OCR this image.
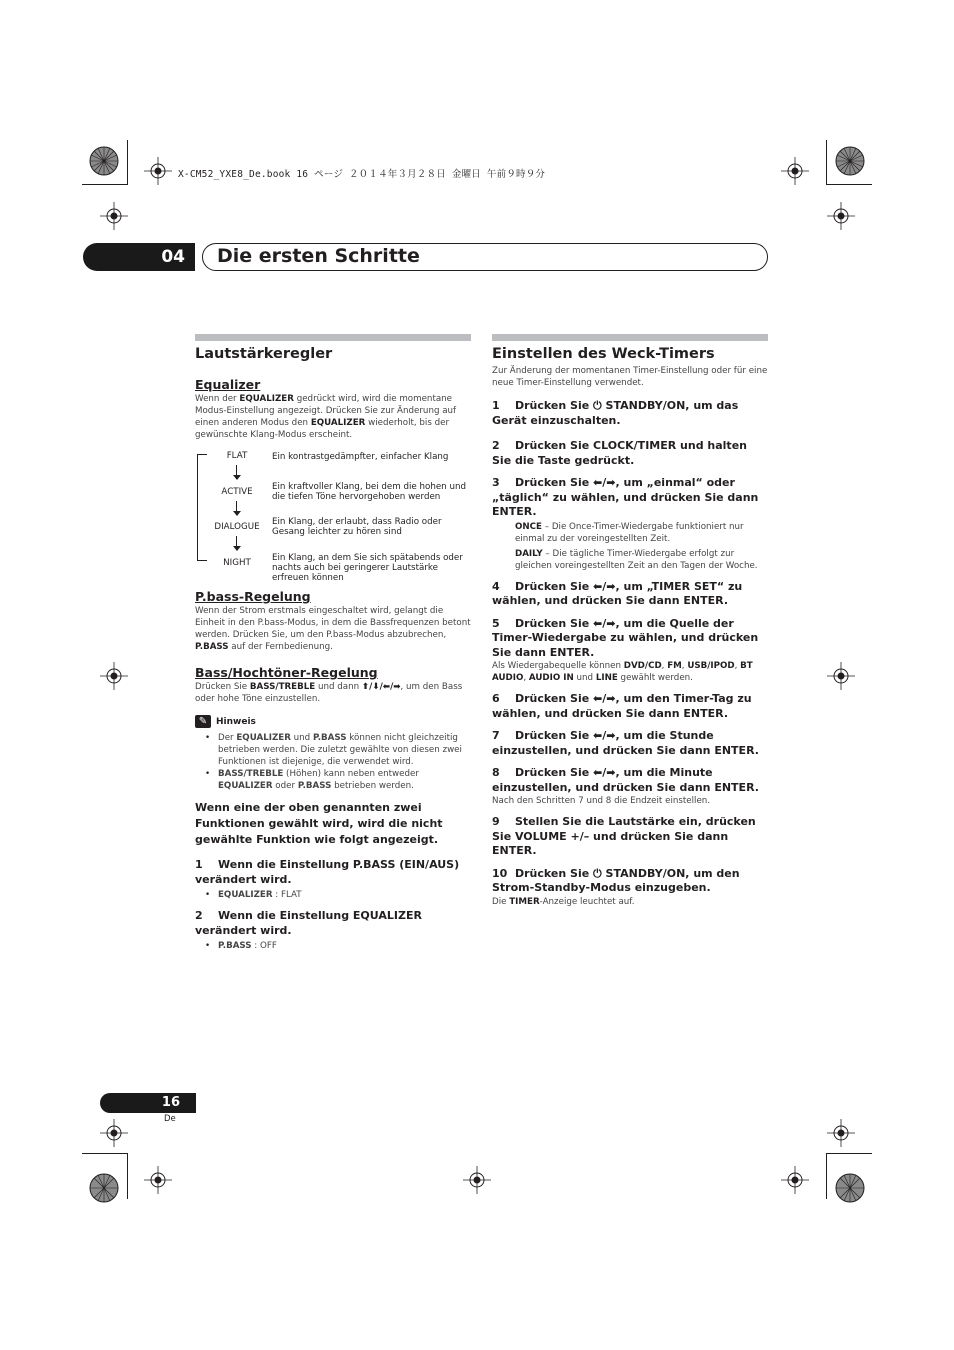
X-CM52_YXE8_De.book 16 ページ ２０１４年３月２８日 金曜日 午前９時９分
04	Die ersten Schritte
Lautstärkeregler
Equalizer

Wenn der EQUALIZER gedrückt wird, wird die momentane Modus-Einstellung angezeigt. Drücken Sie zur Änderung auf einen anderen Modus den EQUALIZER wiederholt, bis der gewünschte Klang-Modus erscheint.

FLAT	Ein kontrastgedämpfter, einfacher Klang
ACTIVE	Ein kraftvoller Klang, bei dem die hohen und die tiefen Töne hervorgehoben werden
DIALOGUE	Ein Klang, der erlaubt, dass Radio oder Gesang leichter zu hören sind
NIGHT	Ein Klang, an dem Sie sich spätabends oder nachts auch bei geringerer Lautstärke erfreuen können
P.bass-Regelung

Wenn der Strom erstmals eingeschaltet wird, gelangt die Einheit in den P.bass-Modus, in dem die Bassfrequenzen betont werden. Drücken Sie, um den P.bass-Modus abzubrechen, P.BASS auf der Fernbedienung.

Bass/Hochtöner-Regelung

Drücken Sie BASS/TREBLE und dann ⬆/⬇/⬅/➡, um den Bass oder hohe Töne einzustellen.

✎ Hinweis

• Der EQUALIZER und P.BASS können nicht gleichzeitig betrieben werden. Die zuletzt gewählte von diesen zwei Funktionen ist diejenige, die verwendet wird.

• BASS/TREBLE (Höhen) kann neben entweder EQUALIZER oder P.BASS betrieben werden.

Wenn eine der oben genannten zwei Funktionen gewählt wird, wird die nicht gewählte Funktion wie folgt angezeigt.

1 Wenn die Einstellung P.BASS (EIN/AUS) verändert wird.

• EQUALIZER : FLAT

2 Wenn die Einstellung EQUALIZER verändert wird.

• P.BASS : OFF

Einstellen des Weck-Timers

Zur Änderung der momentanen Timer-Einstellung oder für eine neue Timer-Einstellung verwendet.

1 Drücken Sie ⏻ STANDBY/ON, um das Gerät einzuschalten.

2 Drücken Sie CLOCK/TIMER und halten Sie die Taste gedrückt.

3 Drücken Sie ⬅/➡, um „einmal“ oder „täglich“ zu wählen, und drücken Sie dann ENTER.

ONCE – Die Once-Timer-Wiedergabe funktioniert nur einmal zu der voreingestellten Zeit.

DAILY – Die tägliche Timer-Wiedergabe erfolgt zur gleichen voreingestellten Zeit an den Tagen der Woche.

4 Drücken Sie ⬅/➡, um „TIMER SET“ zu wählen, und drücken Sie dann ENTER.

5 Drücken Sie ⬅/➡, um die Quelle der Timer-Wiedergabe zu wählen, und drücken Sie dann ENTER.

Als Wiedergabequelle können DVD/CD, FM, USB/IPOD, BT AUDIO, AUDIO IN und LINE gewählt werden.

6 Drücken Sie ⬅/➡, um den Timer-Tag zu wählen, und drücken Sie dann ENTER.

7 Drücken Sie ⬅/➡, um die Stunde einzustellen, und drücken Sie dann ENTER.

8 Drücken Sie ⬅/➡, um die Minute einzustellen, und drücken Sie dann ENTER.

Nach den Schritten 7 und 8 die Endzeit einstellen.

9 Stellen Sie die Lautstärke ein, drücken Sie VOLUME +/– und drücken Sie dann ENTER.

10 Drücken Sie ⏻ STANDBY/ON, um den Strom-Standby-Modus einzugeben.

Die TIMER-Anzeige leuchtet auf.

16
De
